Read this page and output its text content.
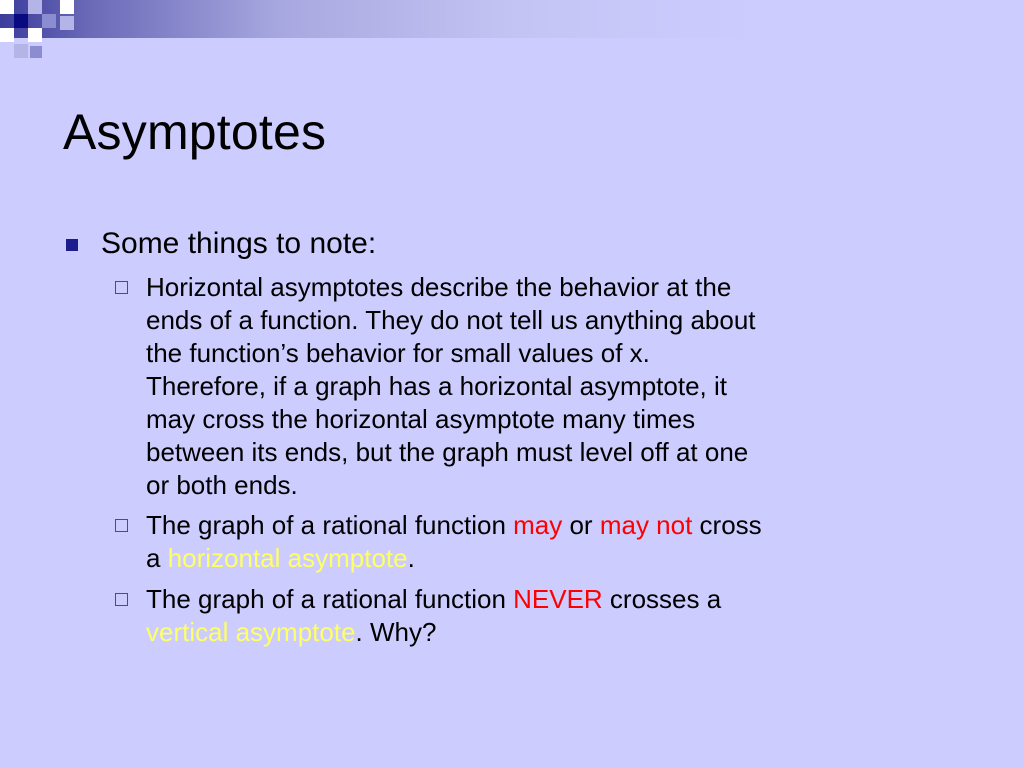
Asymptotes
Some things to note:
Horizontal asymptotes describe the behavior at the
ends of a function. They do not tell us anything about
the function’s behavior for small values of x.
Therefore, if a graph has a horizontal asymptote, it
may cross the horizontal asymptote many times
between its ends, but the graph must level off at one
or both ends.
The graph of a rational function may or may not cross
a horizontal asymptote.
The graph of a rational function NEVER crosses a
vertical asymptote. Why?
